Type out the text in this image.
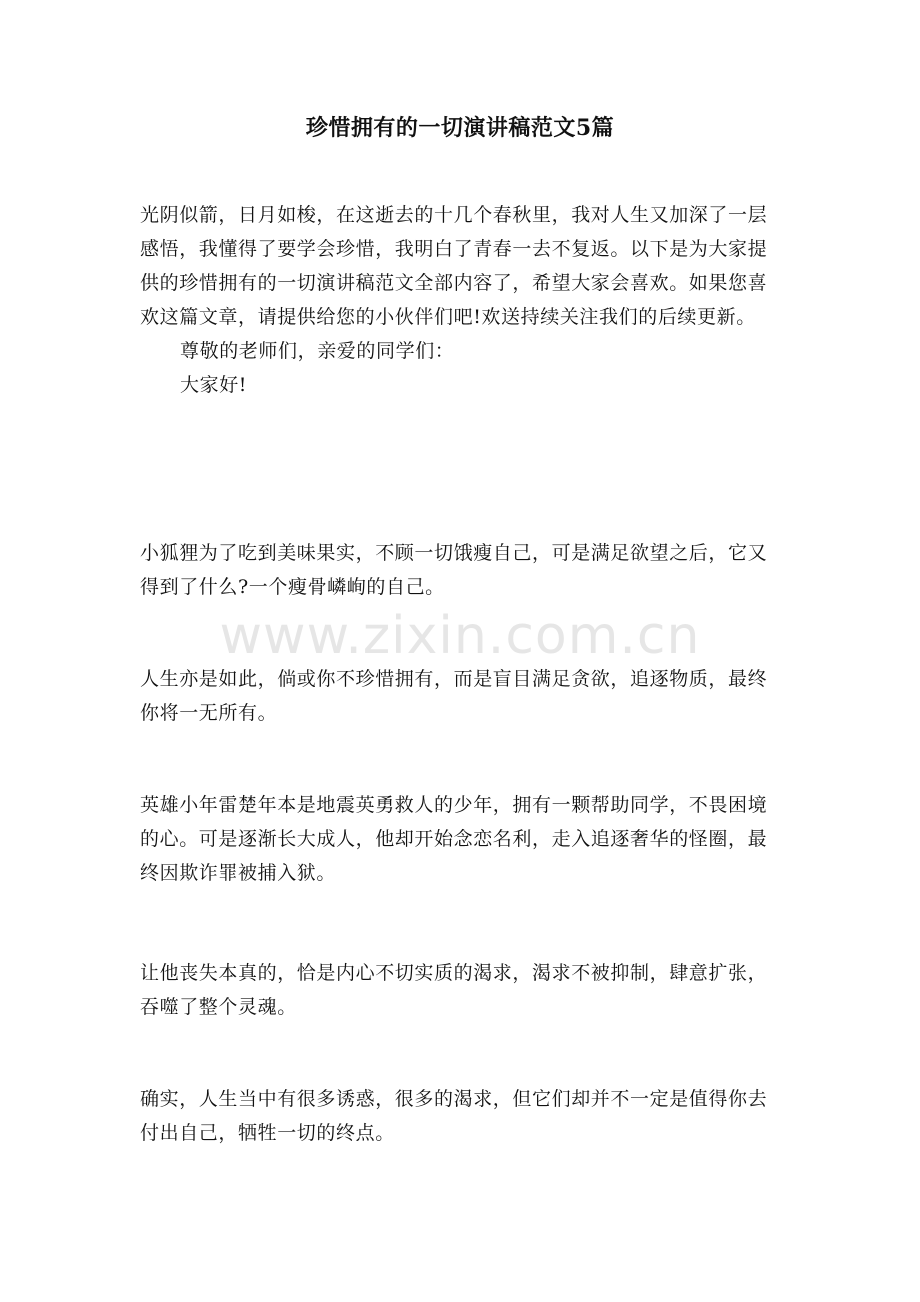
www.zixin.com.cn
珍惜拥有的一切演讲稿范文5篇

光阴似箭，日月如梭，在这逝去的十几个春秋里，我对人生又加深了一层感悟，我懂得了要学会珍惜，我明白了青春一去不复返。以下是为大家提供的珍惜拥有的一切演讲稿范文全部内容了，希望大家会喜欢。如果您喜欢这篇文章，请提供给您的小伙伴们吧!欢送持续关注我们的后续更新。

尊敬的老师们，亲爱的同学们：

大家好!

小狐狸为了吃到美味果实，不顾一切饿瘦自己，可是满足欲望之后，它又得到了什么?一个瘦骨嶙峋的自己。

人生亦是如此，倘或你不珍惜拥有，而是盲目满足贪欲，追逐物质，最终你将一无所有。

英雄小年雷楚年本是地震英勇救人的少年，拥有一颗帮助同学，不畏困境的心。可是逐渐长大成人，他却开始念恋名利，走入追逐奢华的怪圈，最终因欺诈罪被捕入狱。

让他丧失本真的，恰是内心不切实质的渴求，渴求不被抑制，肆意扩张，吞噬了整个灵魂。

确实，人生当中有很多诱惑，很多的渴求，但它们却并不一定是值得你去付出自己，牺牲一切的终点。
